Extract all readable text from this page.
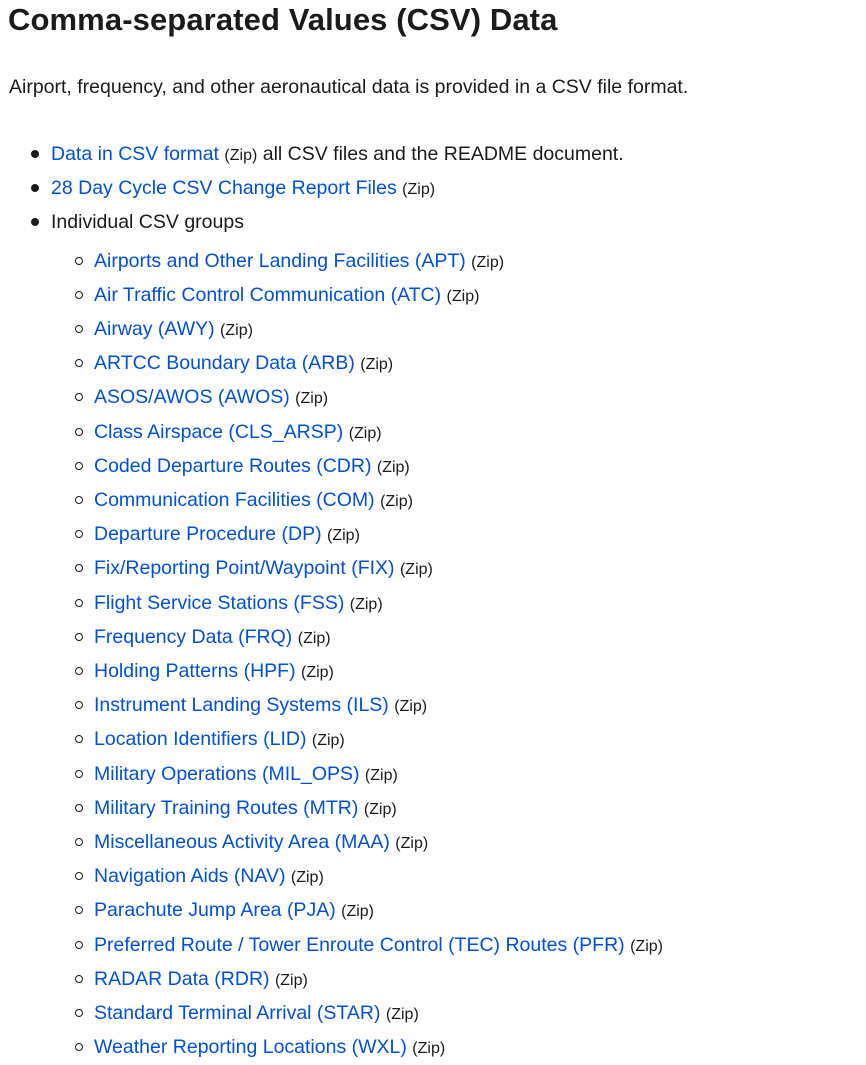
Comma-separated Values (CSV) Data

Airport, frequency, and other aeronautical data is provided in a CSV file format.

Data in CSV format (Zip) all CSV files and the README document.
28 Day Cycle CSV Change Report Files (Zip)
Individual CSV groups
Airports and Other Landing Facilities (APT) (Zip)
Air Traffic Control Communication (ATC) (Zip)
Airway (AWY) (Zip)
ARTCC Boundary Data (ARB) (Zip)
ASOS/AWOS (AWOS) (Zip)
Class Airspace (CLS_ARSP) (Zip)
Coded Departure Routes (CDR) (Zip)
Communication Facilities (COM) (Zip)
Departure Procedure (DP) (Zip)
Fix/Reporting Point/Waypoint (FIX) (Zip)
Flight Service Stations (FSS) (Zip)
Frequency Data (FRQ) (Zip)
Holding Patterns (HPF) (Zip)
Instrument Landing Systems (ILS) (Zip)
Location Identifiers (LID) (Zip)
Military Operations (MIL_OPS) (Zip)
Military Training Routes (MTR) (Zip)
Miscellaneous Activity Area (MAA) (Zip)
Navigation Aids (NAV) (Zip)
Parachute Jump Area (PJA) (Zip)
Preferred Route / Tower Enroute Control (TEC) Routes (PFR) (Zip)
RADAR Data (RDR) (Zip)
Standard Terminal Arrival (STAR) (Zip)
Weather Reporting Locations (WXL) (Zip)
